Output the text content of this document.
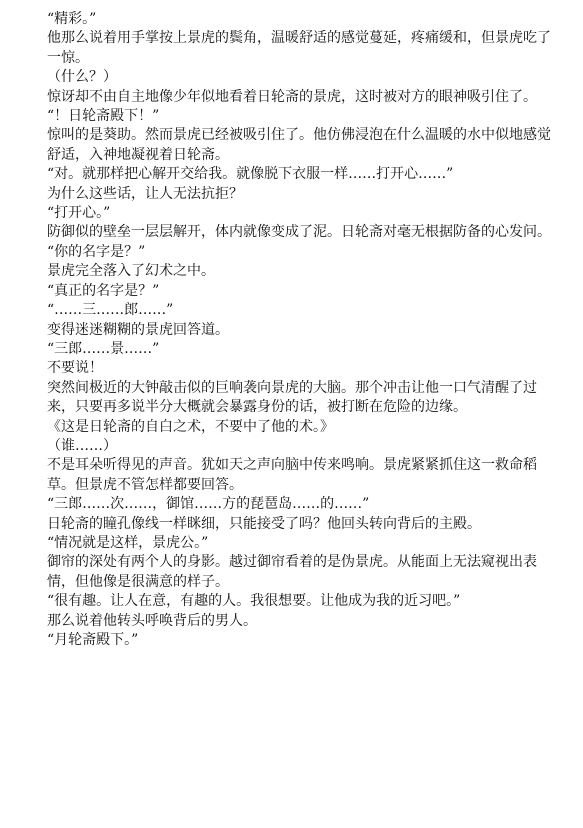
“精彩。”

他那么说着用手掌按上景虎的鬓角，温暖舒适的感觉蔓延，疼痛缓和，但景虎吃了一惊。

（什么？）

惊讶却不由自主地像少年似地看着日轮斋的景虎，这时被对方的眼神吸引住了。

“！日轮斋殿下！”

惊叫的是葵助。然而景虎已经被吸引住了。他仿佛浸泡在什么温暖的水中似地感觉舒适，入神地凝视着日轮斋。

“对。就那样把心解开交给我。就像脱下衣服一样……打开心……”

为什么这些话，让人无法抗拒？

“打开心。”

防御似的壁垒一层层解开，体内就像变成了泥。日轮斋对毫无根据防备的心发问。

“你的名字是？”

景虎完全落入了幻术之中。

“真正的名字是？”

“……三……郎……”

变得迷迷糊糊的景虎回答道。

“三郎……景……”

不要说！

突然间极近的大钟敲击似的巨响袭向景虎的大脑。那个冲击让他一口气清醒了过来，只要再多说半分大概就会暴露身份的话，被打断在危险的边缘。

《这是日轮斋的自白之术，不要中了他的术。》

（谁……）

不是耳朵听得见的声音。犹如天之声向脑中传来鸣响。景虎紧紧抓住这一救命稻草。但景虎不管怎样都要回答。

“三郎……次……，御馆……方的琵琶岛……的……”

日轮斋的瞳孔像线一样眯细，只能接受了吗？他回头转向背后的主殿。

“情况就是这样，景虎公。”

御帘的深处有两个人的身影。越过御帘看着的是伪景虎。从能面上无法窥视出表情，但他像是很满意的样子。

“很有趣。让人在意，有趣的人。我很想要。让他成为我的近习吧。”

那么说着他转头呼唤背后的男人。

“月轮斋殿下。”
